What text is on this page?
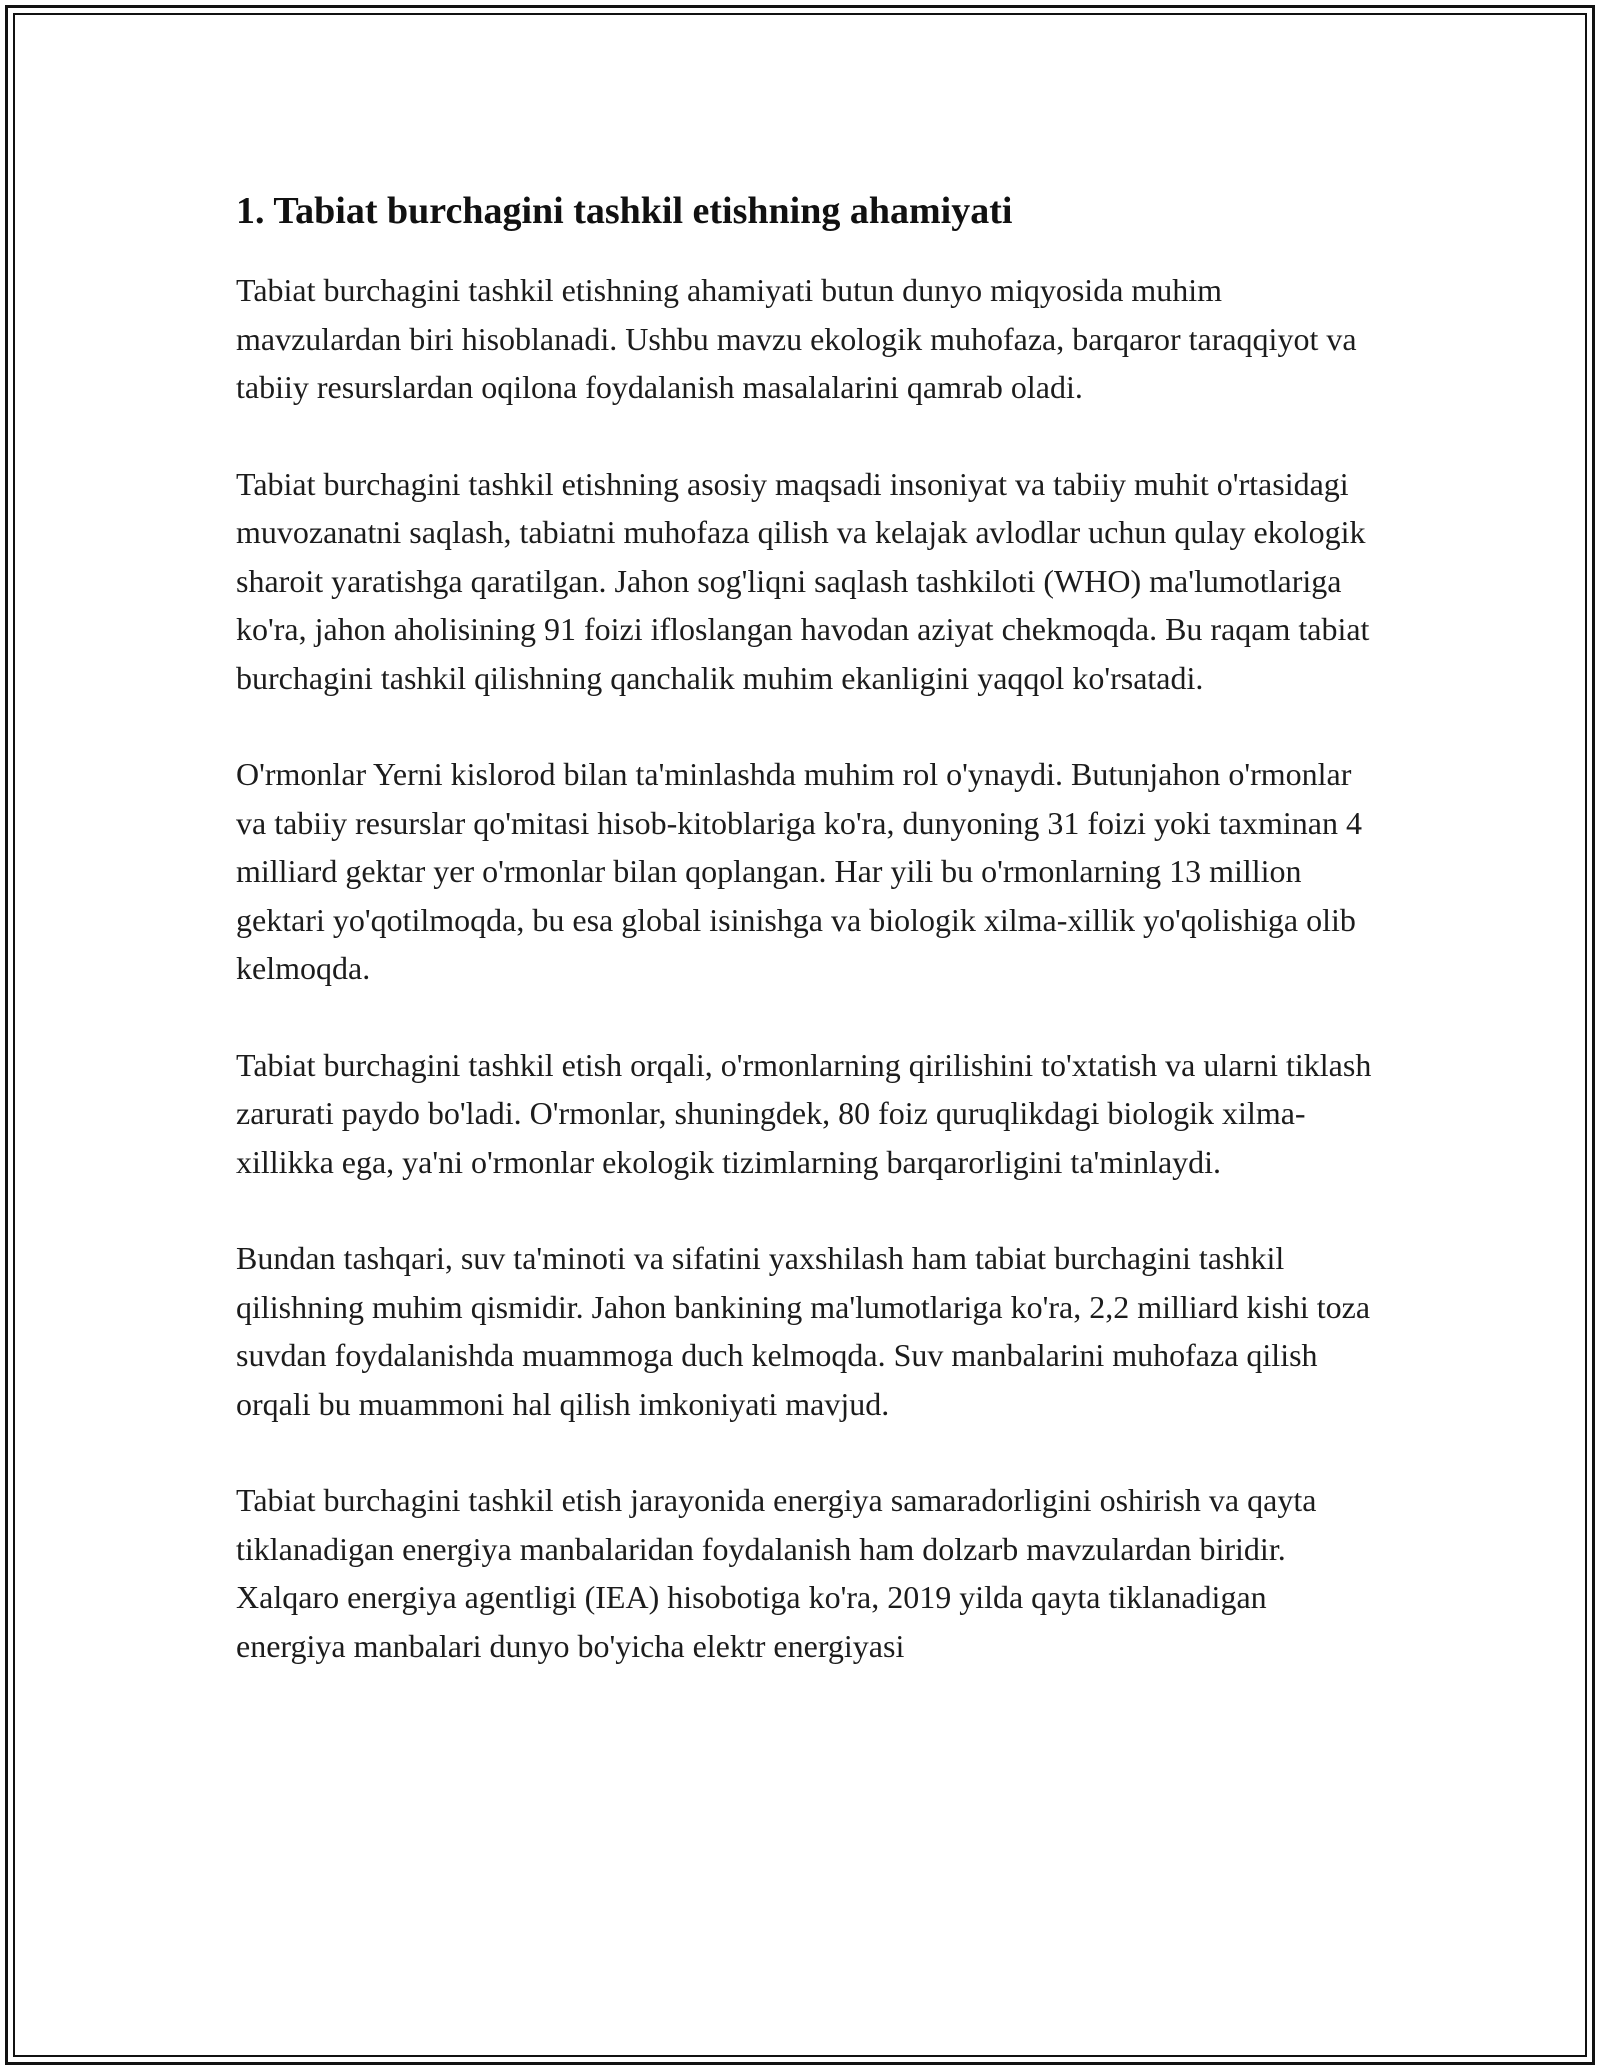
1. Tabiat burchagini tashkil etishning ahamiyati

Tabiat burchagini tashkil etishning ahamiyati butun dunyo miqyosida muhim mavzulardan biri hisoblanadi. Ushbu mavzu ekologik muhofaza, barqaror taraqqiyot va tabiiy resurslardan oqilona foydalanish masalalarini qamrab oladi.

Tabiat burchagini tashkil etishning asosiy maqsadi insoniyat va tabiiy muhit o'rtasidagi muvozanatni saqlash, tabiatni muhofaza qilish va kelajak avlodlar uchun qulay ekologik sharoit yaratishga qaratilgan. Jahon sog'liqni saqlash tashkiloti (WHO) ma'lumotlariga ko'ra, jahon aholisining 91 foizi ifloslangan havodan aziyat chekmoqda. Bu raqam tabiat burchagini tashkil qilishning qanchalik muhim ekanligini yaqqol ko'rsatadi.

O'rmonlar Yerni kislorod bilan ta'minlashda muhim rol o'ynaydi. Butunjahon o'rmonlar va tabiiy resurslar qo'mitasi hisob-kitoblariga ko'ra, dunyoning 31 foizi yoki taxminan 4 milliard gektar yer o'rmonlar bilan qoplangan. Har yili bu o'rmonlarning 13 million gektari yo'qotilmoqda, bu esa global isinishga va biologik xilma-xillik yo'qolishiga olib kelmoqda.

Tabiat burchagini tashkil etish orqali, o'rmonlarning qirilishini to'xtatish va ularni tiklash zarurati paydo bo'ladi. O'rmonlar, shuningdek, 80 foiz quruqlikdagi biologik xilma-xillikka ega, ya'ni o'rmonlar ekologik tizimlarning barqarorligini ta'minlaydi.

Bundan tashqari, suv ta'minoti va sifatini yaxshilash ham tabiat burchagini tashkil qilishning muhim qismidir. Jahon bankining ma'lumotlariga ko'ra, 2,2 milliard kishi toza suvdan foydalanishda muammoga duch kelmoqda. Suv manbalarini muhofaza qilish orqali bu muammoni hal qilish imkoniyati mavjud.

Tabiat burchagini tashkil etish jarayonida energiya samaradorligini oshirish va qayta tiklanadigan energiya manbalaridan foydalanish ham dolzarb mavzulardan biridir. Xalqaro energiya agentligi (IEA) hisobotiga ko'ra, 2019 yilda qayta tiklanadigan energiya manbalari dunyo bo'yicha elektr energiyasi
